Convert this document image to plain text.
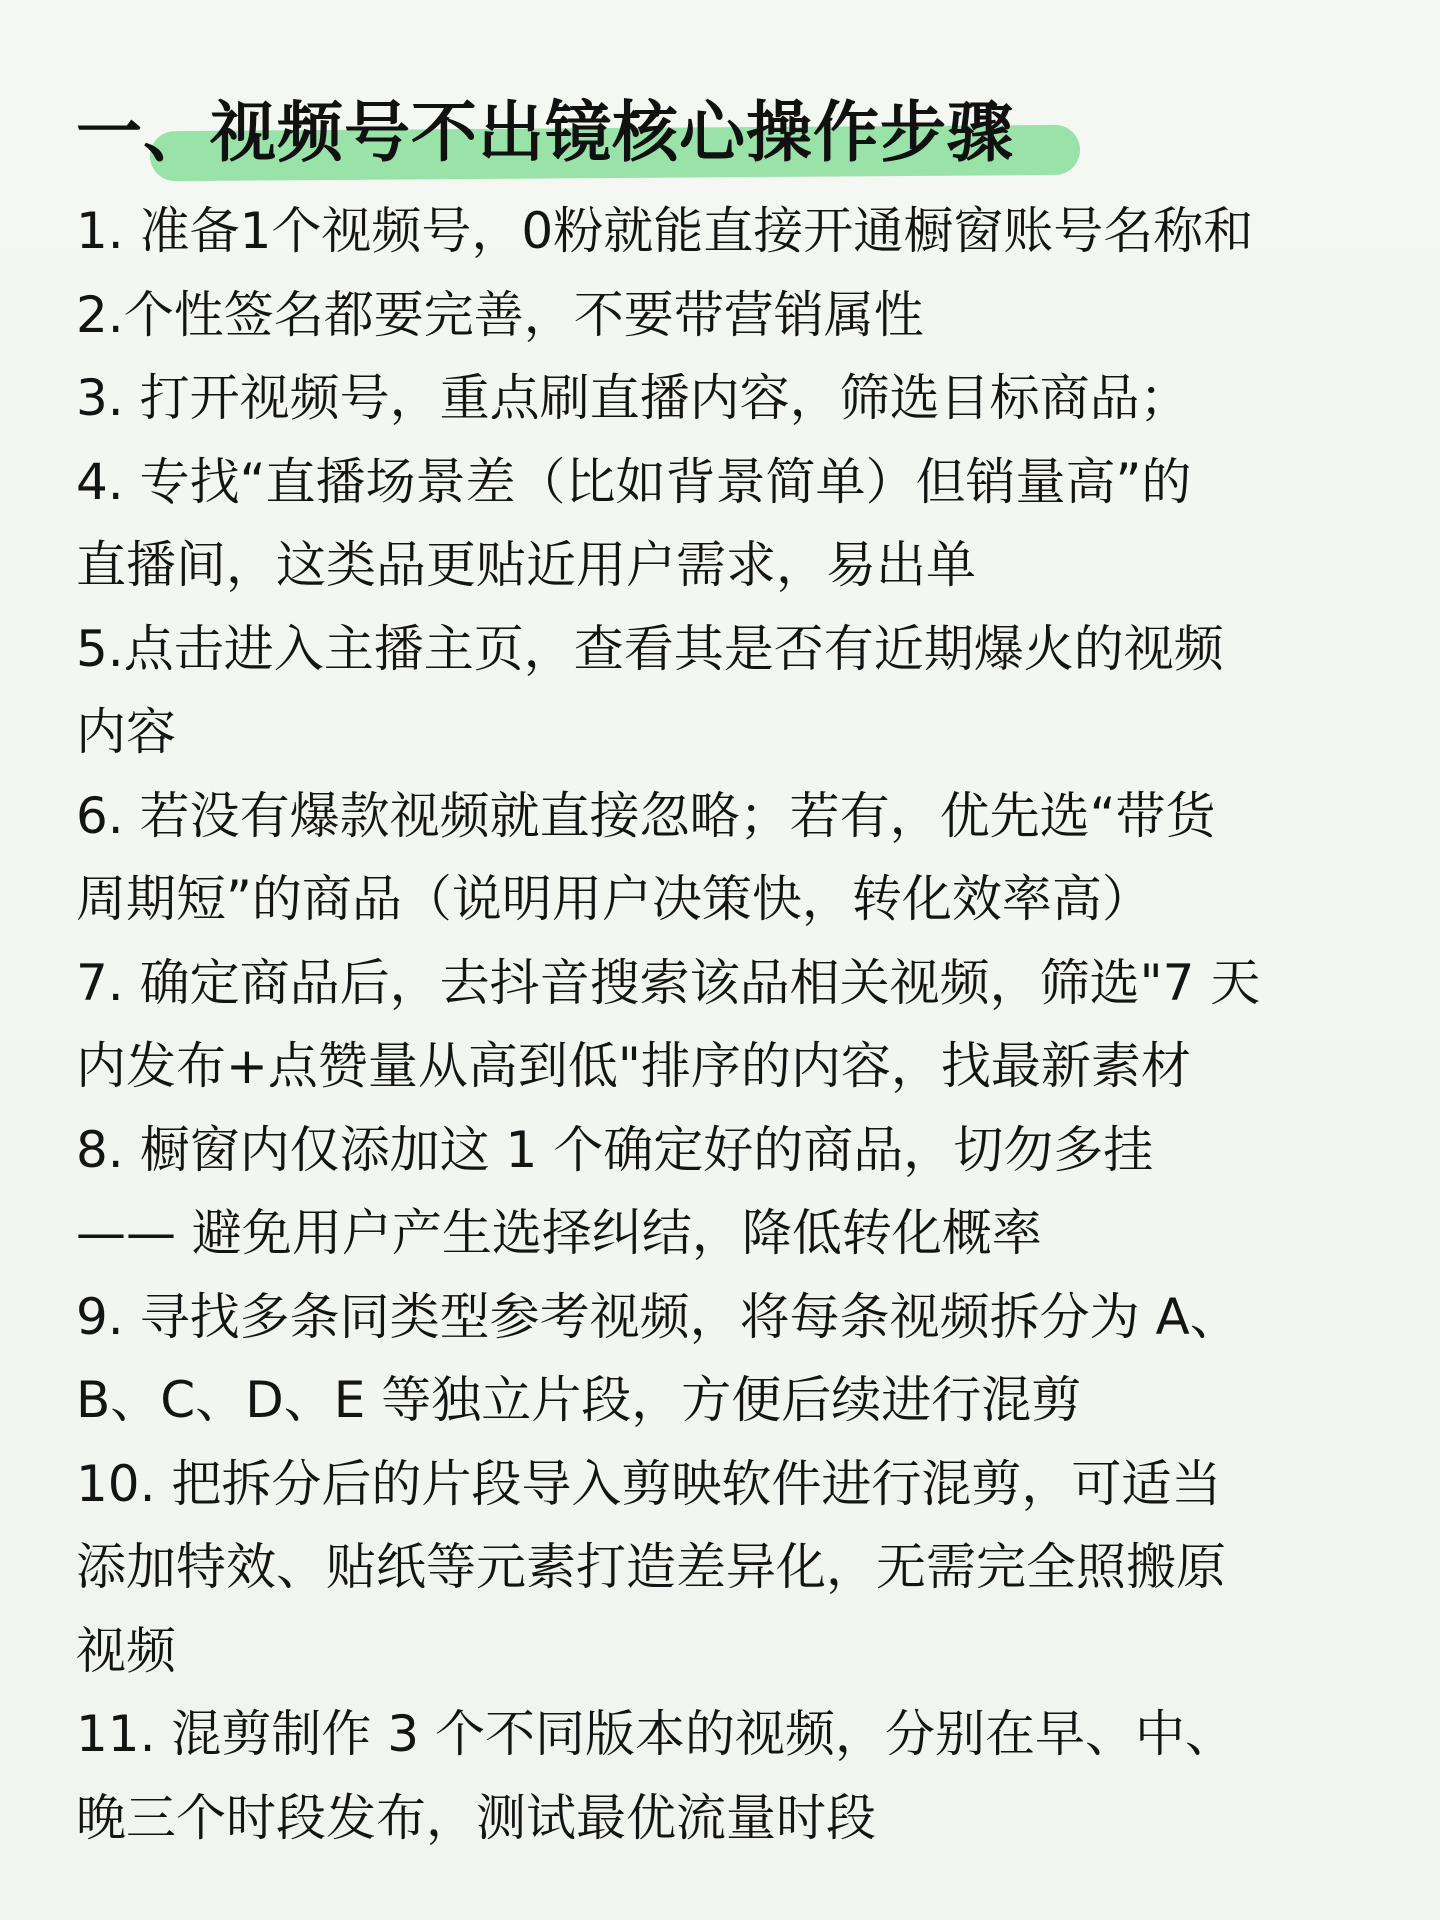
一、视频号不出镜核心操作步骤
1. 准备1个视频号，0粉就能直接开通橱窗账号名称和
2.个性签名都要完善，不要带营销属性
3. 打开视频号，重点刷直播内容，筛选目标商品；
4. 专找“直播场景差（比如背景简单）但销量高”的
直播间，这类品更贴近用户需求，易出单
5.点击进入主播主页，查看其是否有近期爆火的视频
内容
6. 若没有爆款视频就直接忽略；若有，优先选“带货
周期短”的商品（说明用户决策快，转化效率高）
7. 确定商品后，去抖音搜索该品相关视频，筛选"7 天
内发布+点赞量从高到低"排序的内容，找最新素材
8. 橱窗内仅添加这 1 个确定好的商品，切勿多挂
—— 避免用户产生选择纠结，降低转化概率
9. 寻找多条同类型参考视频，将每条视频拆分为 A、
B、C、D、E 等独立片段，方便后续进行混剪
10. 把拆分后的片段导入剪映软件进行混剪，可适当
添加特效、贴纸等元素打造差异化，无需完全照搬原
视频
11. 混剪制作 3 个不同版本的视频，分别在早、中、
晚三个时段发布，测试最优流量时段
